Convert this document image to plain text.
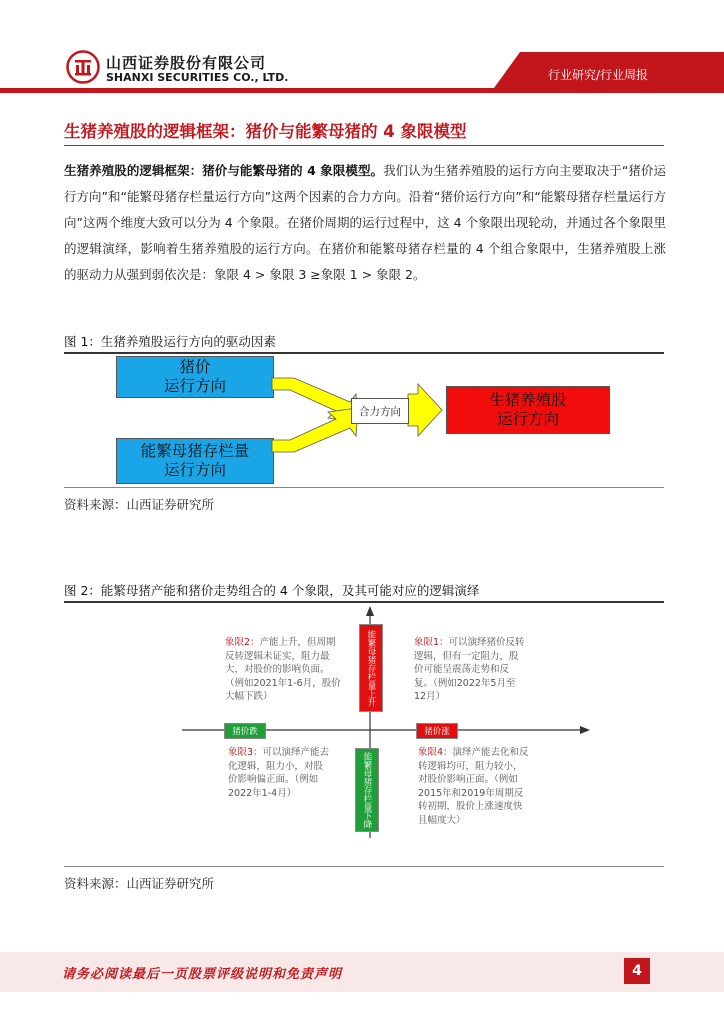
山西证券股份有限公司
SHANXI SECURITIES CO., LTD.	行业研究/行业周报
生猪养殖股的逻辑框架：猪价与能繁母猪的 4 象限模型
生猪养殖股的逻辑框架：猪价与能繁母猪的 4 象限模型。我们认为生猪养殖股的运行方向主要取决于“猪价运行方向”和“能繁母猪存栏量运行方向”这两个因素的合力方向。沿着“猪价运行方向”和“能繁母猪存栏量运行方向”这两个维度大致可以分为 4 个象限。在猪价周期的运行过程中，这 4 个象限出现轮动，并通过各个象限里的逻辑演绎，影响着生猪养殖股的运行方向。在猪价和能繁母猪存栏量的 4 个组合象限中，生猪养殖股上涨的驱动力从强到弱依次是：象限 4 > 象限 3 ≥象限 1 > 象限 2。
图 1：生猪养殖股运行方向的驱动因素
猪价
运行方向
能繁母猪存栏量
运行方向
合力方向
生猪养殖股
运行方向
资料来源：山西证券研究所
图 2：能繁母猪产能和猪价走势组合的 4 个象限，及其可能对应的逻辑演绎
能繁母猪存栏量上升
能繁母猪存栏量下降
猪价跌	猪价涨
象限2：产能上升，但周期反转逻辑未证实，阻力最大，对股价的影响负面。（例如2021年1-6月，股价大幅下跌）
象限1：可以演绎猪价反转逻辑，但有一定阻力，股价可能呈震荡走势和反复。（例如2022年5月至12月）
象限3：可以演绎产能去化逻辑，阻力小，对股价影响偏正面。（例如2022年1-4月）
象限4：演绎产能去化和反转逻辑均可，阻力较小，对股价影响正面。（例如2015年和2019年周期反转初期，股价上涨速度快且幅度大）
资料来源：山西证券研究所
请务必阅读最后一页股票评级说明和免责声明	4
